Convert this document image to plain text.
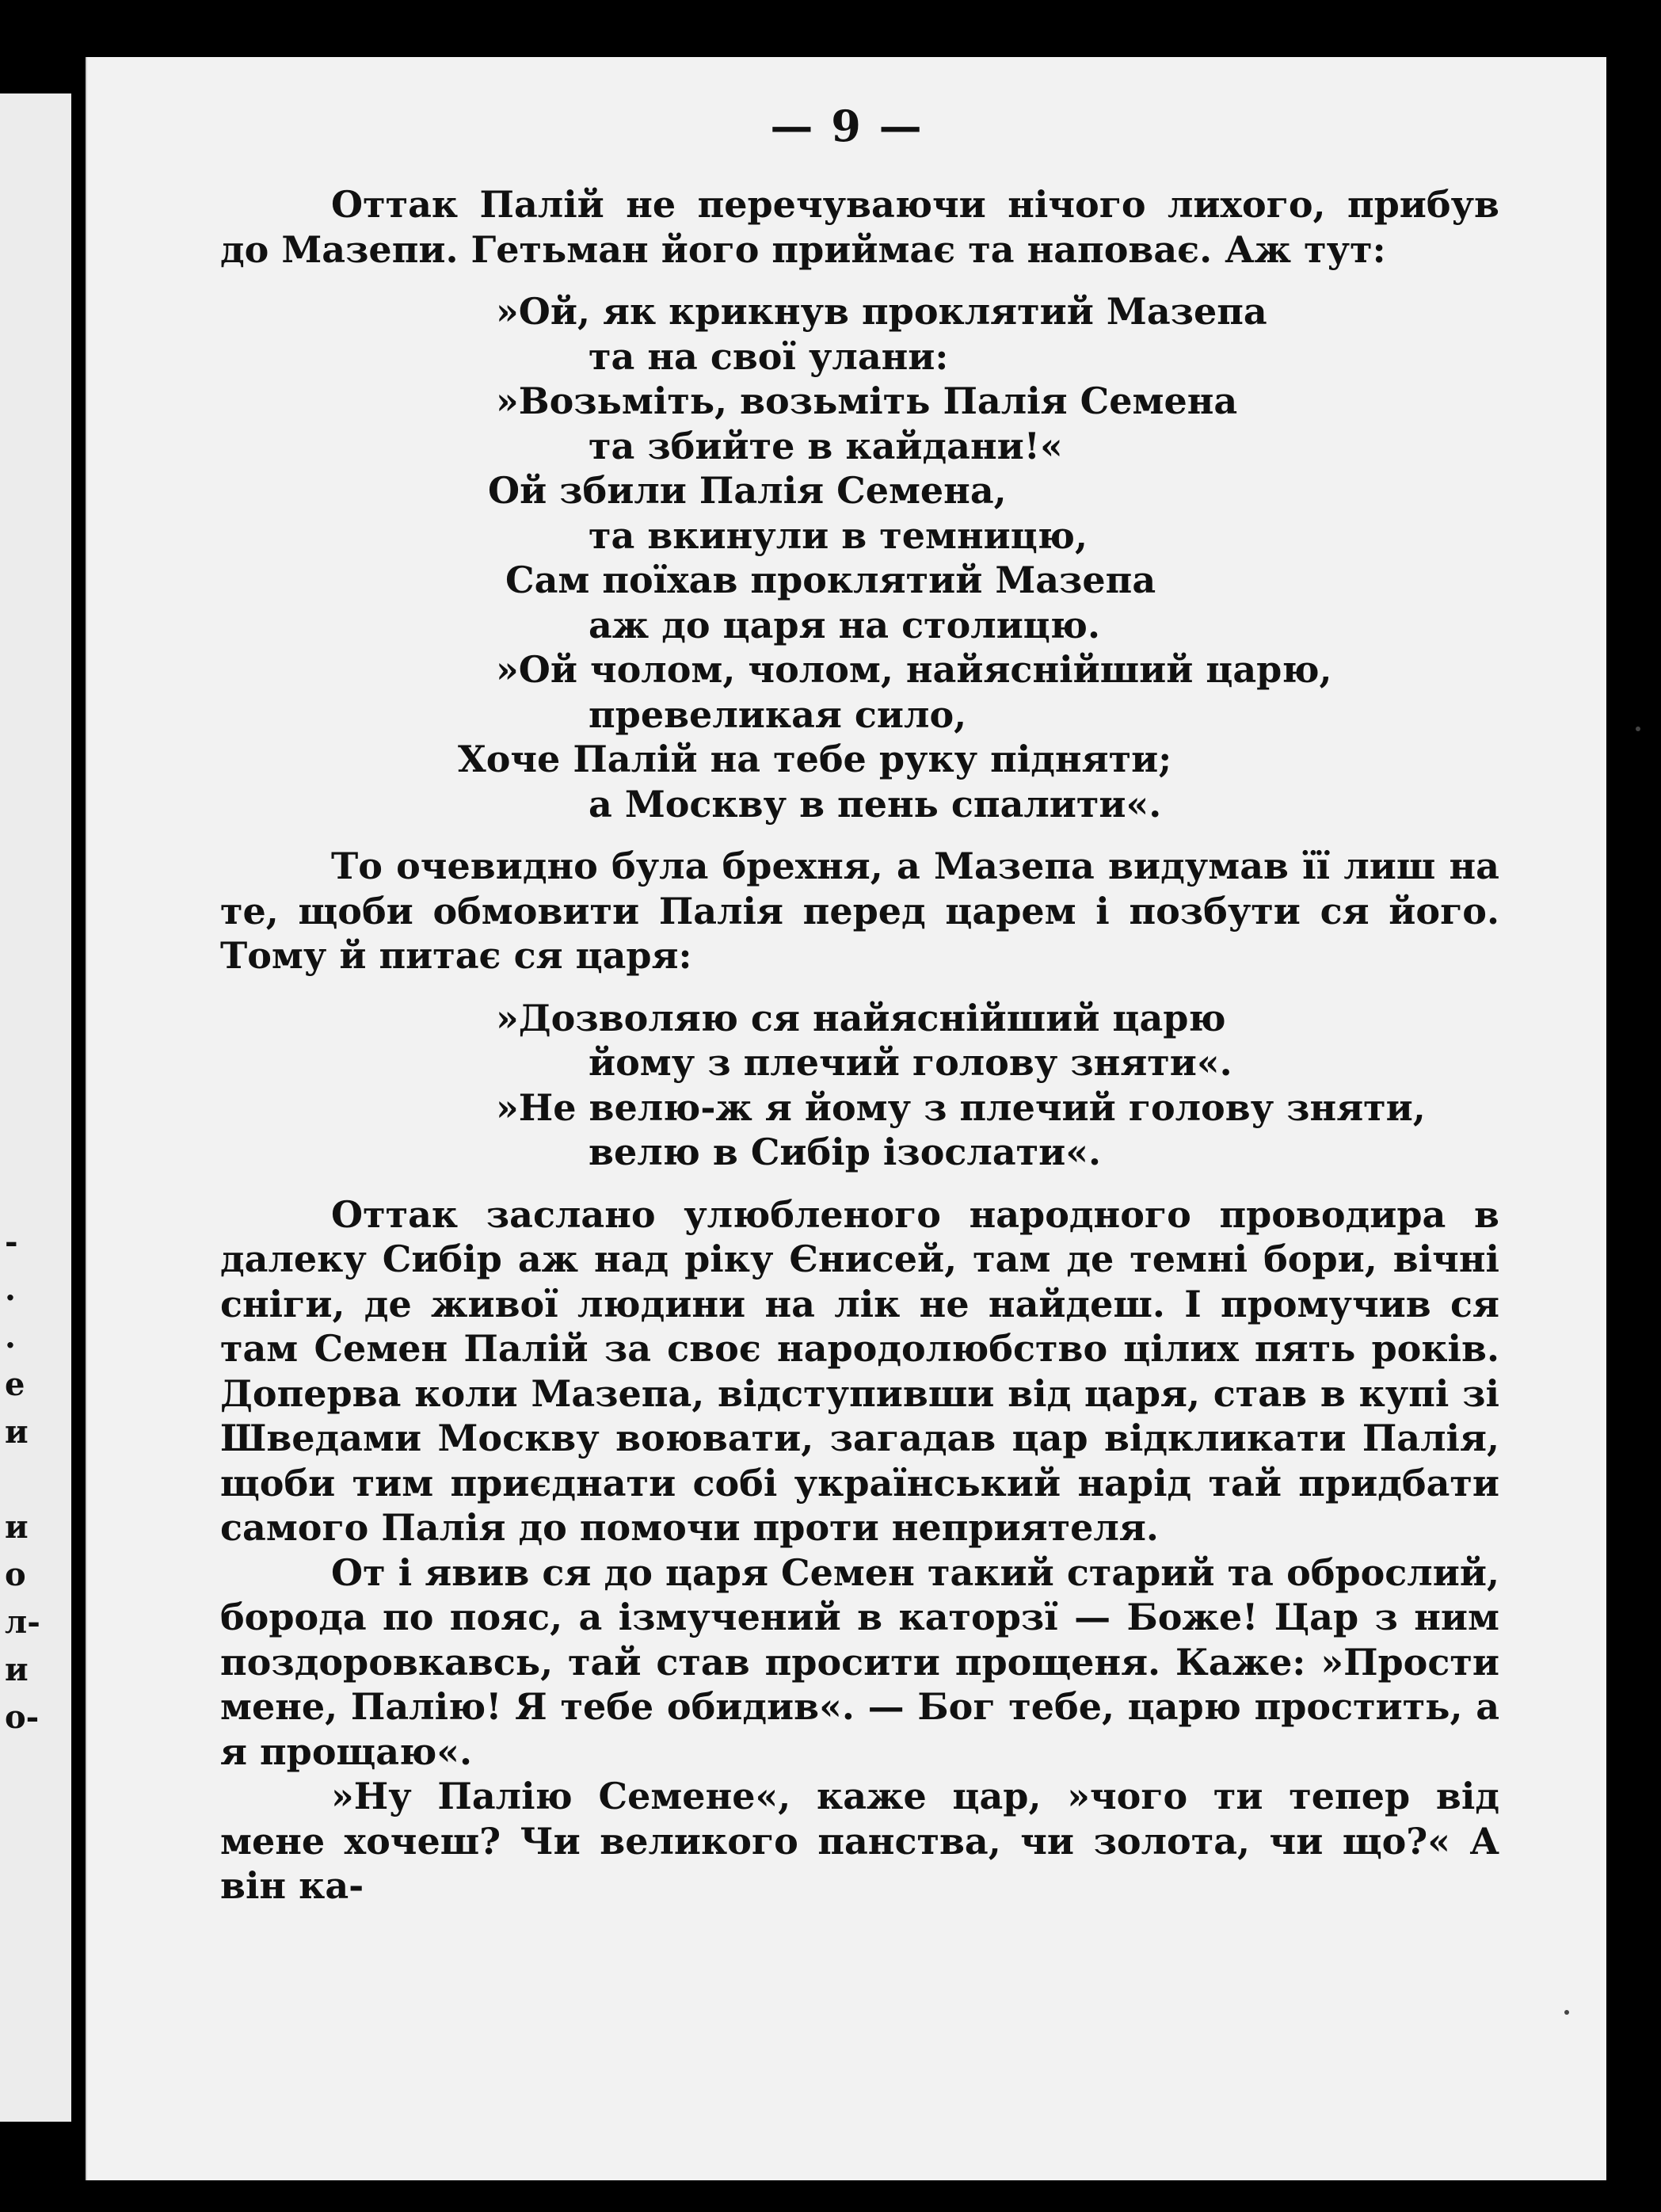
-
.
.
e
и
и
о
л-
и
о-
— 9 —

Оттак Палій не перечуваючи нічого лихого, прибув до Мазепи. Гетьман його приймає та наповає. Аж тут:

»Ой, як крикнув проклятий Мазепа
та на свої улани:
»Возьміть, возьміть Палія Семена
та збийте в кайдани!«
Ой збили Палія Семена,
та вкинули в темницю,
Сам поїхав проклятий Мазепа
аж до царя на столицю.
»Ой чолом, чолом, найяснійший царю,
превеликая сило,
Хоче Палій на тебе руку підняти;
а Москву в пень спалити«.

То очевидно була брехня, а Мазепа видумав її лиш на те, щоби обмовити Палія перед царем і позбути ся його. Тому й питає ся царя:

»Дозволяю ся найяснійший царю
йому з плечий голову зняти«.
»Не велю-ж я йому з плечий голову зняти,
велю в Сибір ізослати«.

Оттак заслано улюбленого народного проводира в далеку Сибір аж над ріку Єнисей, там де темні бори, вічні сніги, де живої людини на лік не найдеш. І промучив ся там Семен Палій за своє народолюбство цілих пять років. Доперва коли Мазепа, відступивши від царя, став в купі зі Шведами Москву воювати, загадав цар відкликати Палія, щоби тим приєднати собі український нарід тай придбати самого Палія до помочи проти неприятеля.

От і явив ся до царя Семен такий старий та оброслий, борода по пояс, а ізмучений в каторзї — Боже! Цар з ним поздоровкавсь, тай став просити прощеня. Каже: »Прости мене, Палію! Я тебе обидив«. — Бог тебе, царю простить, а я прощаю«.

»Ну Палію Семене«, каже цар, »чого ти тепер від мене хочеш? Чи великого панства, чи золота, чи що?« А він ка-
